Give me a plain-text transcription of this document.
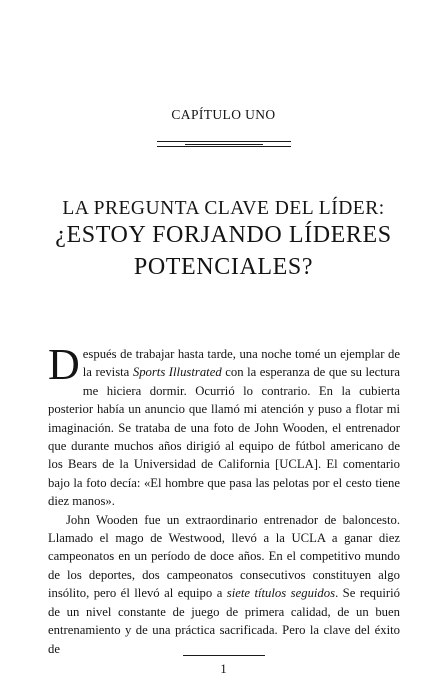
CAPÍTULO UNO
LA PREGUNTA CLAVE DEL LÍDER:
¿ESTOY FORJANDO LÍDERES
POTENCIALES?

Después de trabajar hasta tarde, una noche tomé un ejemplar de la revista Sports Illustrated con la esperanza de que su lectura me hiciera dormir. Ocurrió lo contrario. En la cubierta posterior había un anuncio que llamó mi atención y puso a flotar mi imaginación. Se trataba de una foto de John Wooden, el entrenador que durante muchos años dirigió al equipo de fútbol americano de los Bears de la Universidad de California [UCLA]. El comentario bajo la foto decía: «El hombre que pasa las pelotas por el cesto tiene diez manos».

John Wooden fue un extraordinario entrenador de baloncesto. Llamado el mago de Westwood, llevó a la UCLA a ganar diez campeonatos en un período de doce años. En el competitivo mundo de los deportes, dos campeonatos consecutivos constituyen algo insólito, pero él llevó al equipo a siete títulos seguidos. Se requirió de un nivel constante de juego de primera calidad, de un buen entrenamiento y de una práctica sacrificada. Pero la clave del éxito de

1
